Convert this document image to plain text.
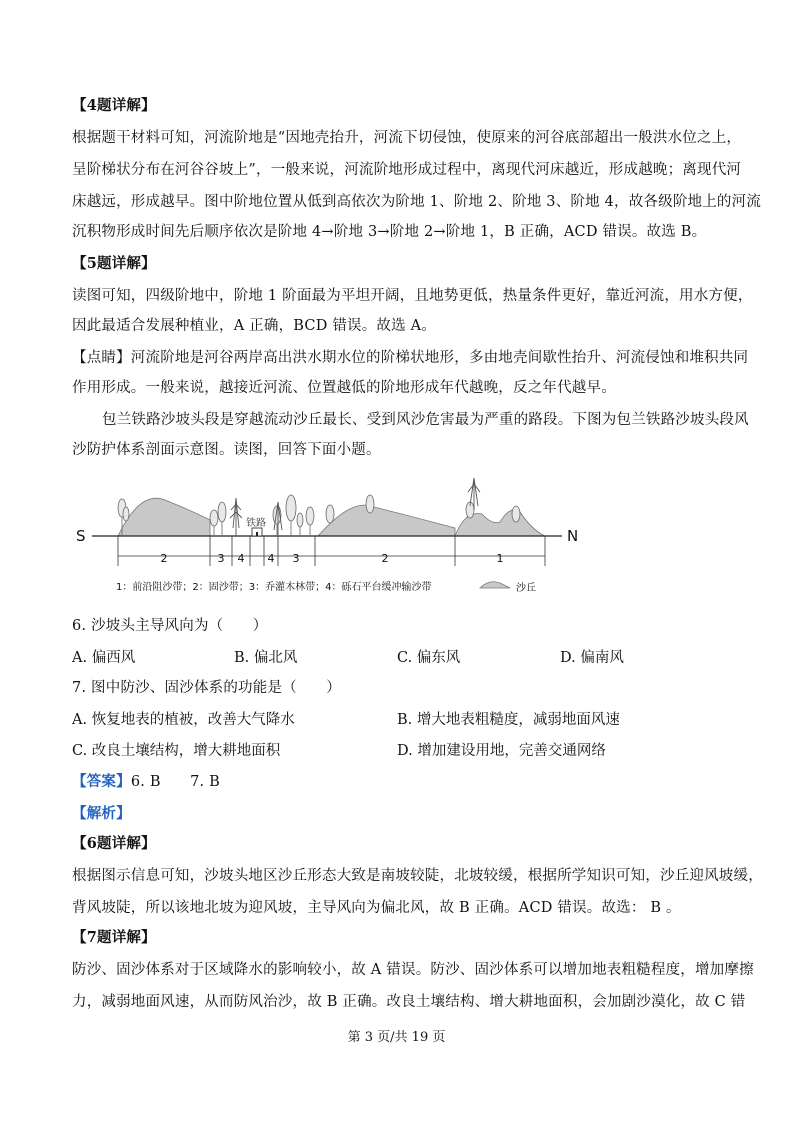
【4题详解】
根据题干材料可知，河流阶地是“因地壳抬升，河流下切侵蚀，使原来的河谷底部超出一般洪水位之上，
呈阶梯状分布在河谷谷坡上”，一般来说，河流阶地形成过程中，离现代河床越近，形成越晚；离现代河
床越远，形成越早。图中阶地位置从低到高依次为阶地 1、阶地 2、阶地 3、阶地 4，故各级阶地上的河流
沉积物形成时间先后顺序依次是阶地 4→阶地 3→阶地 2→阶地 1，B 正确，ACD 错误。故选 B。
【5题详解】
读图可知，四级阶地中，阶地 1 阶面最为平坦开阔，且地势更低，热量条件更好，靠近河流，用水方便，
因此最适合发展种植业，A 正确，BCD 错误。故选 A。
【点睛】河流阶地是河谷两岸高出洪水期水位的阶梯状地形，多由地壳间歇性抬升、河流侵蚀和堆积共同
作用形成。一般来说，越接近河流、位置越低的阶地形成年代越晚，反之年代越早。
包兰铁路沙坡头段是穿越流动沙丘最长、受到风沙危害最为严重的路段。下图为包兰铁路沙坡头段风
沙防护体系剖面示意图。读图，回答下面小题。
铁路
S	N
2	3 4 4 3	2	1
1：前沿阻沙带；2：固沙带；3：乔灌木林带；4：砾石平台缓冲输沙带	沙丘
6. 沙坡头主导风向为（　　）
A. 偏西风	B. 偏北风	C. 偏东风	D. 偏南风
7. 图中防沙、固沙体系的功能是（　　）
A. 恢复地表的植被，改善大气降水	B. 增大地表粗糙度，减弱地面风速
C. 改良土壤结构，增大耕地面积	D. 增加建设用地，完善交通网络
【答案】6. B　　7. B
【解析】
【6题详解】
根据图示信息可知，沙坡头地区沙丘形态大致是南坡较陡，北坡较缓，根据所学知识可知，沙丘迎风坡缓，
背风坡陡，所以该地北坡为迎风坡，主导风向为偏北风，故 B 正确。ACD 错误。故选： B 。
【7题详解】
防沙、固沙体系对于区域降水的影响较小，故 A 错误。防沙、固沙体系可以增加地表粗糙程度，增加摩擦
力，减弱地面风速，从而防风治沙，故 B 正确。改良土壤结构、增大耕地面积，会加剧沙漠化，故 C 错
第 3 页/共 19 页
